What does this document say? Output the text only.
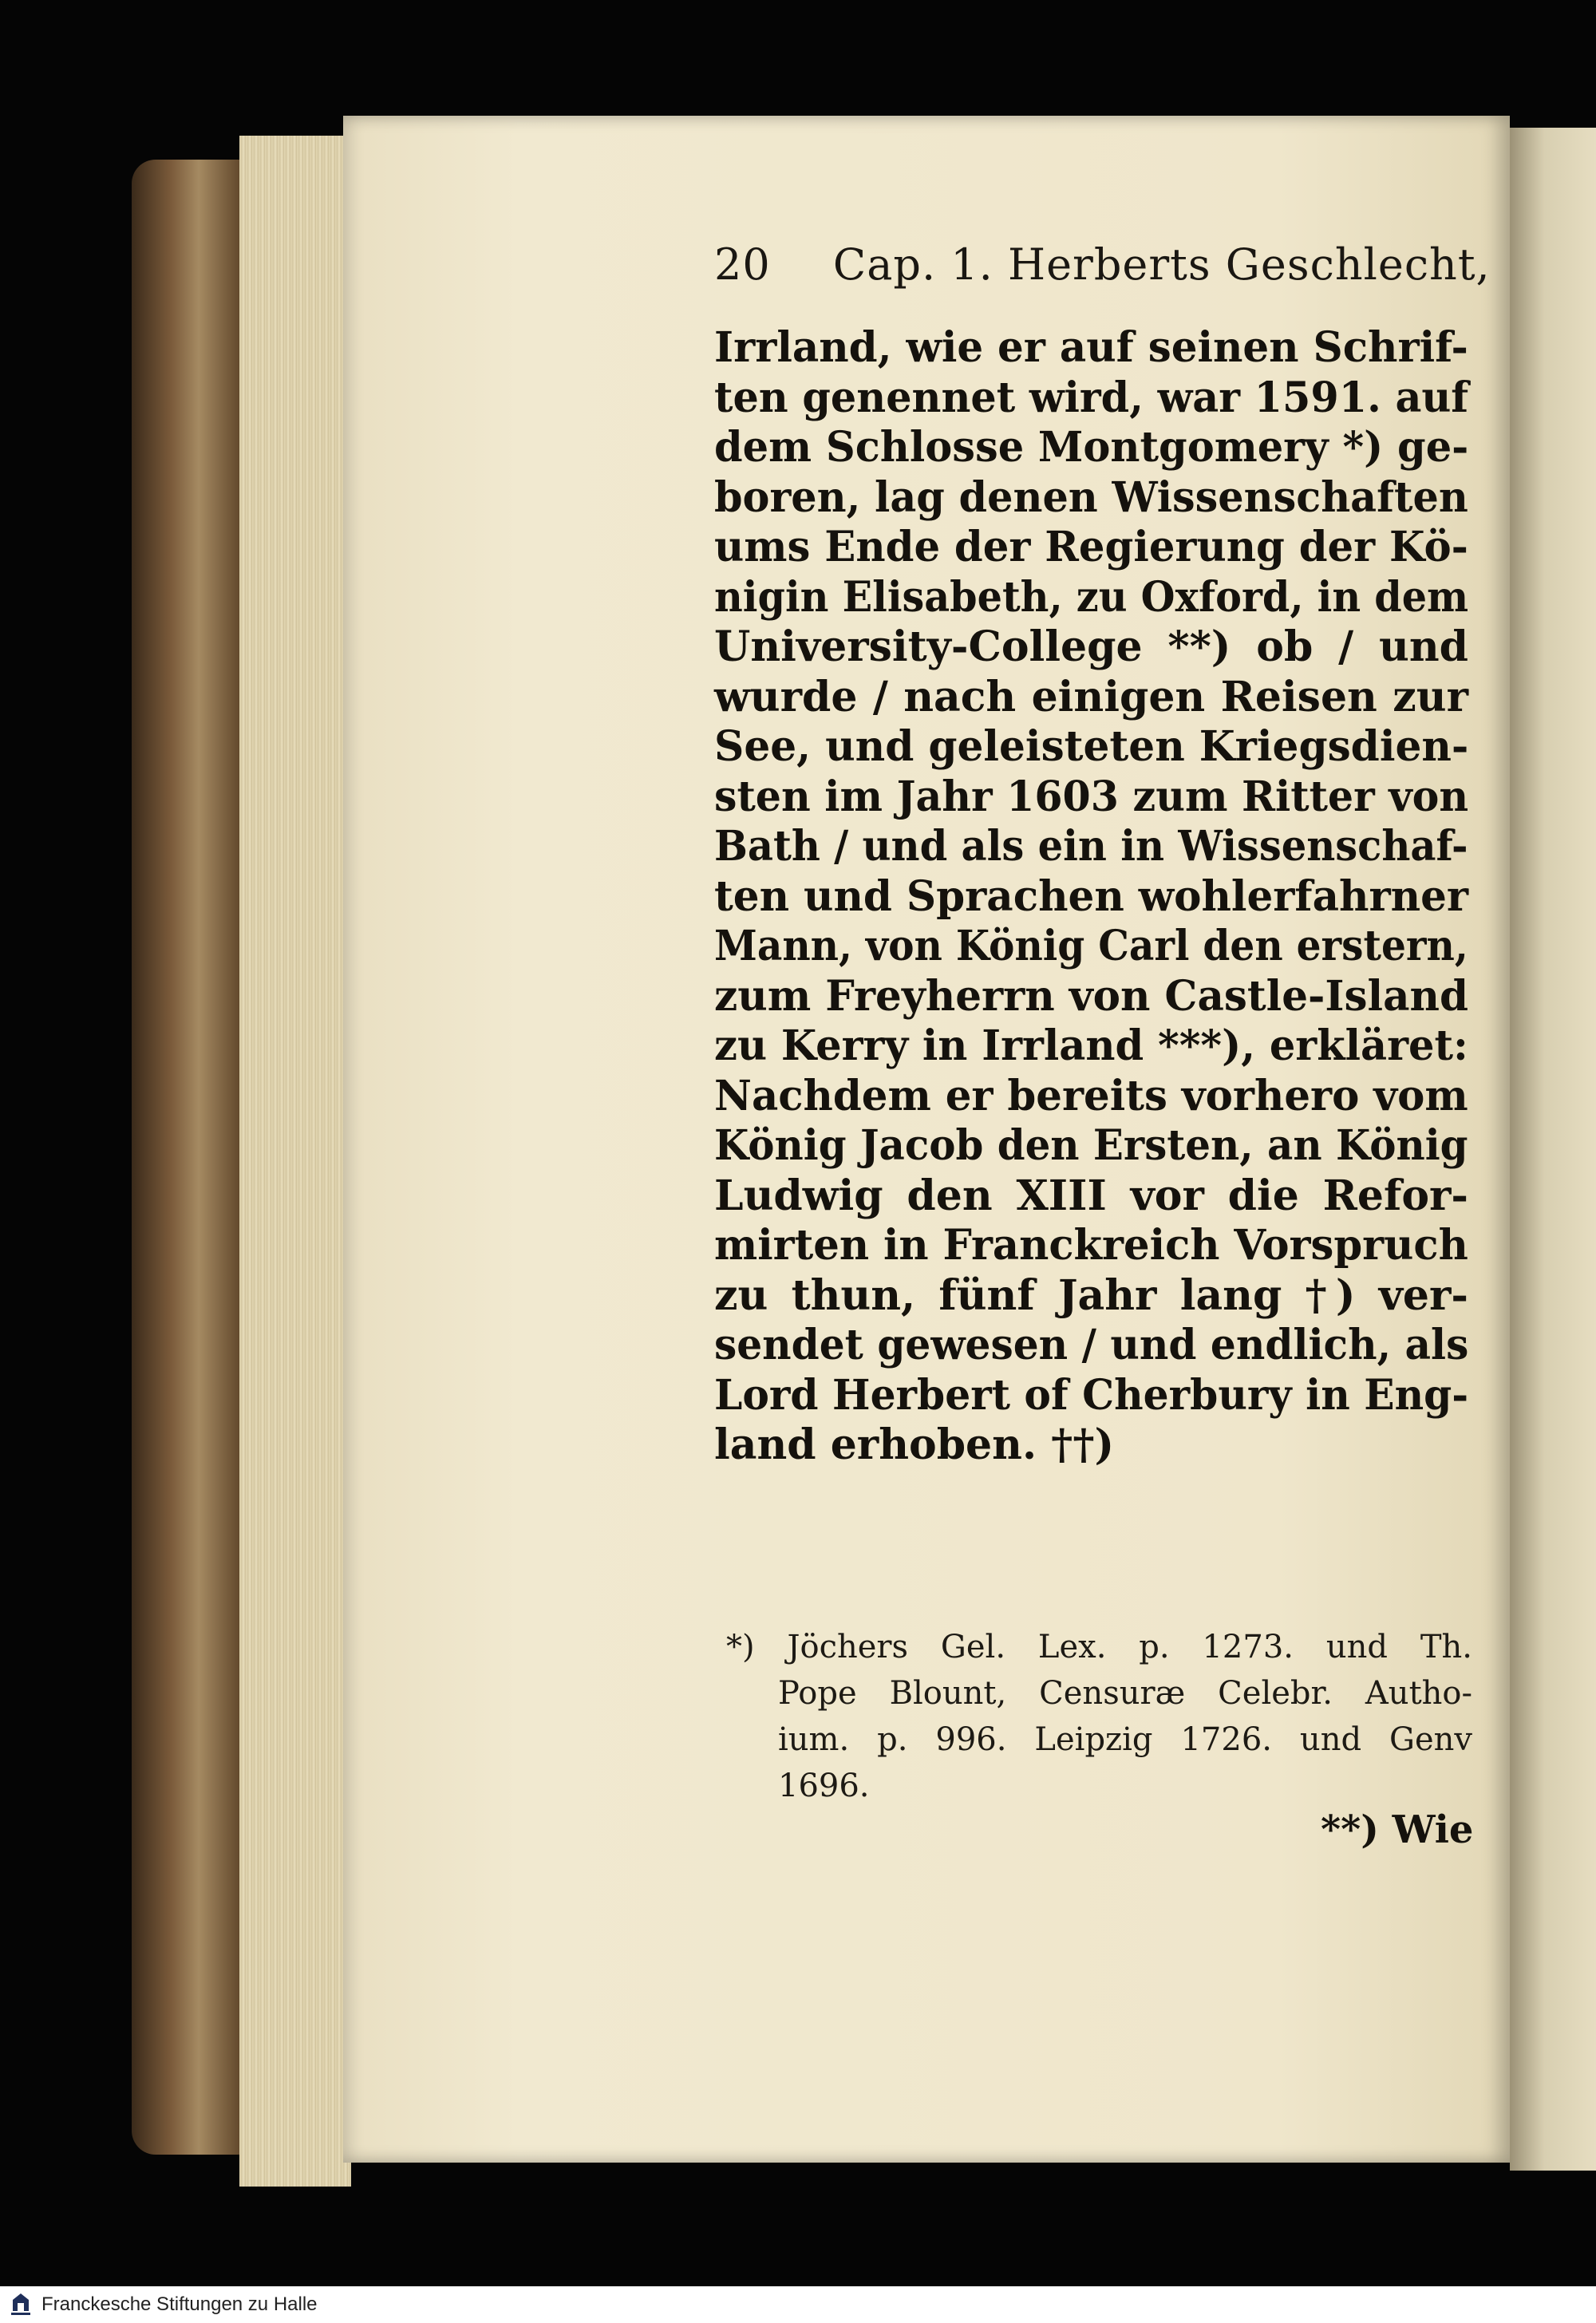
20 Cap. 1. Herberts Geschlecht,
Irrland, wie er auf seinen Schrif-
ten genennet wird, war 1591. auf
dem Schlosse Montgomery *) ge-
boren, lag denen Wissenschaften
ums Ende der Regierung der Kö-
nigin Elisabeth, zu Oxford, in dem
University-College **) ob / und
wurde / nach einigen Reisen zur
See, und geleisteten Kriegsdien-
sten im Jahr 1603 zum Ritter von
Bath / und als ein in Wissenschaf-
ten und Sprachen wohlerfahrner
Mann, von König Carl den erstern,
zum Freyherrn von Castle-Island
zu Kerry in Irrland ***), erkläret:
Nachdem er bereits vorhero vom
König Jacob den Ersten, an König
Ludwig den XIII vor die Refor-
mirten in Franckreich Vorspruch
zu thun, fünf Jahr lang †) ver-
sendet gewesen / und endlich, als
Lord Herbert of Cherbury in Eng-
land erhoben. ††)
*) Jöchers Gel. Lex. p. 1273. und Th.
Pope Blount, Censuræ Celebr. Autho-
ium. p. 996. Leipzig 1726. und Genv
1696.
**) Wie
Franckesche Stiftungen zu Halle
